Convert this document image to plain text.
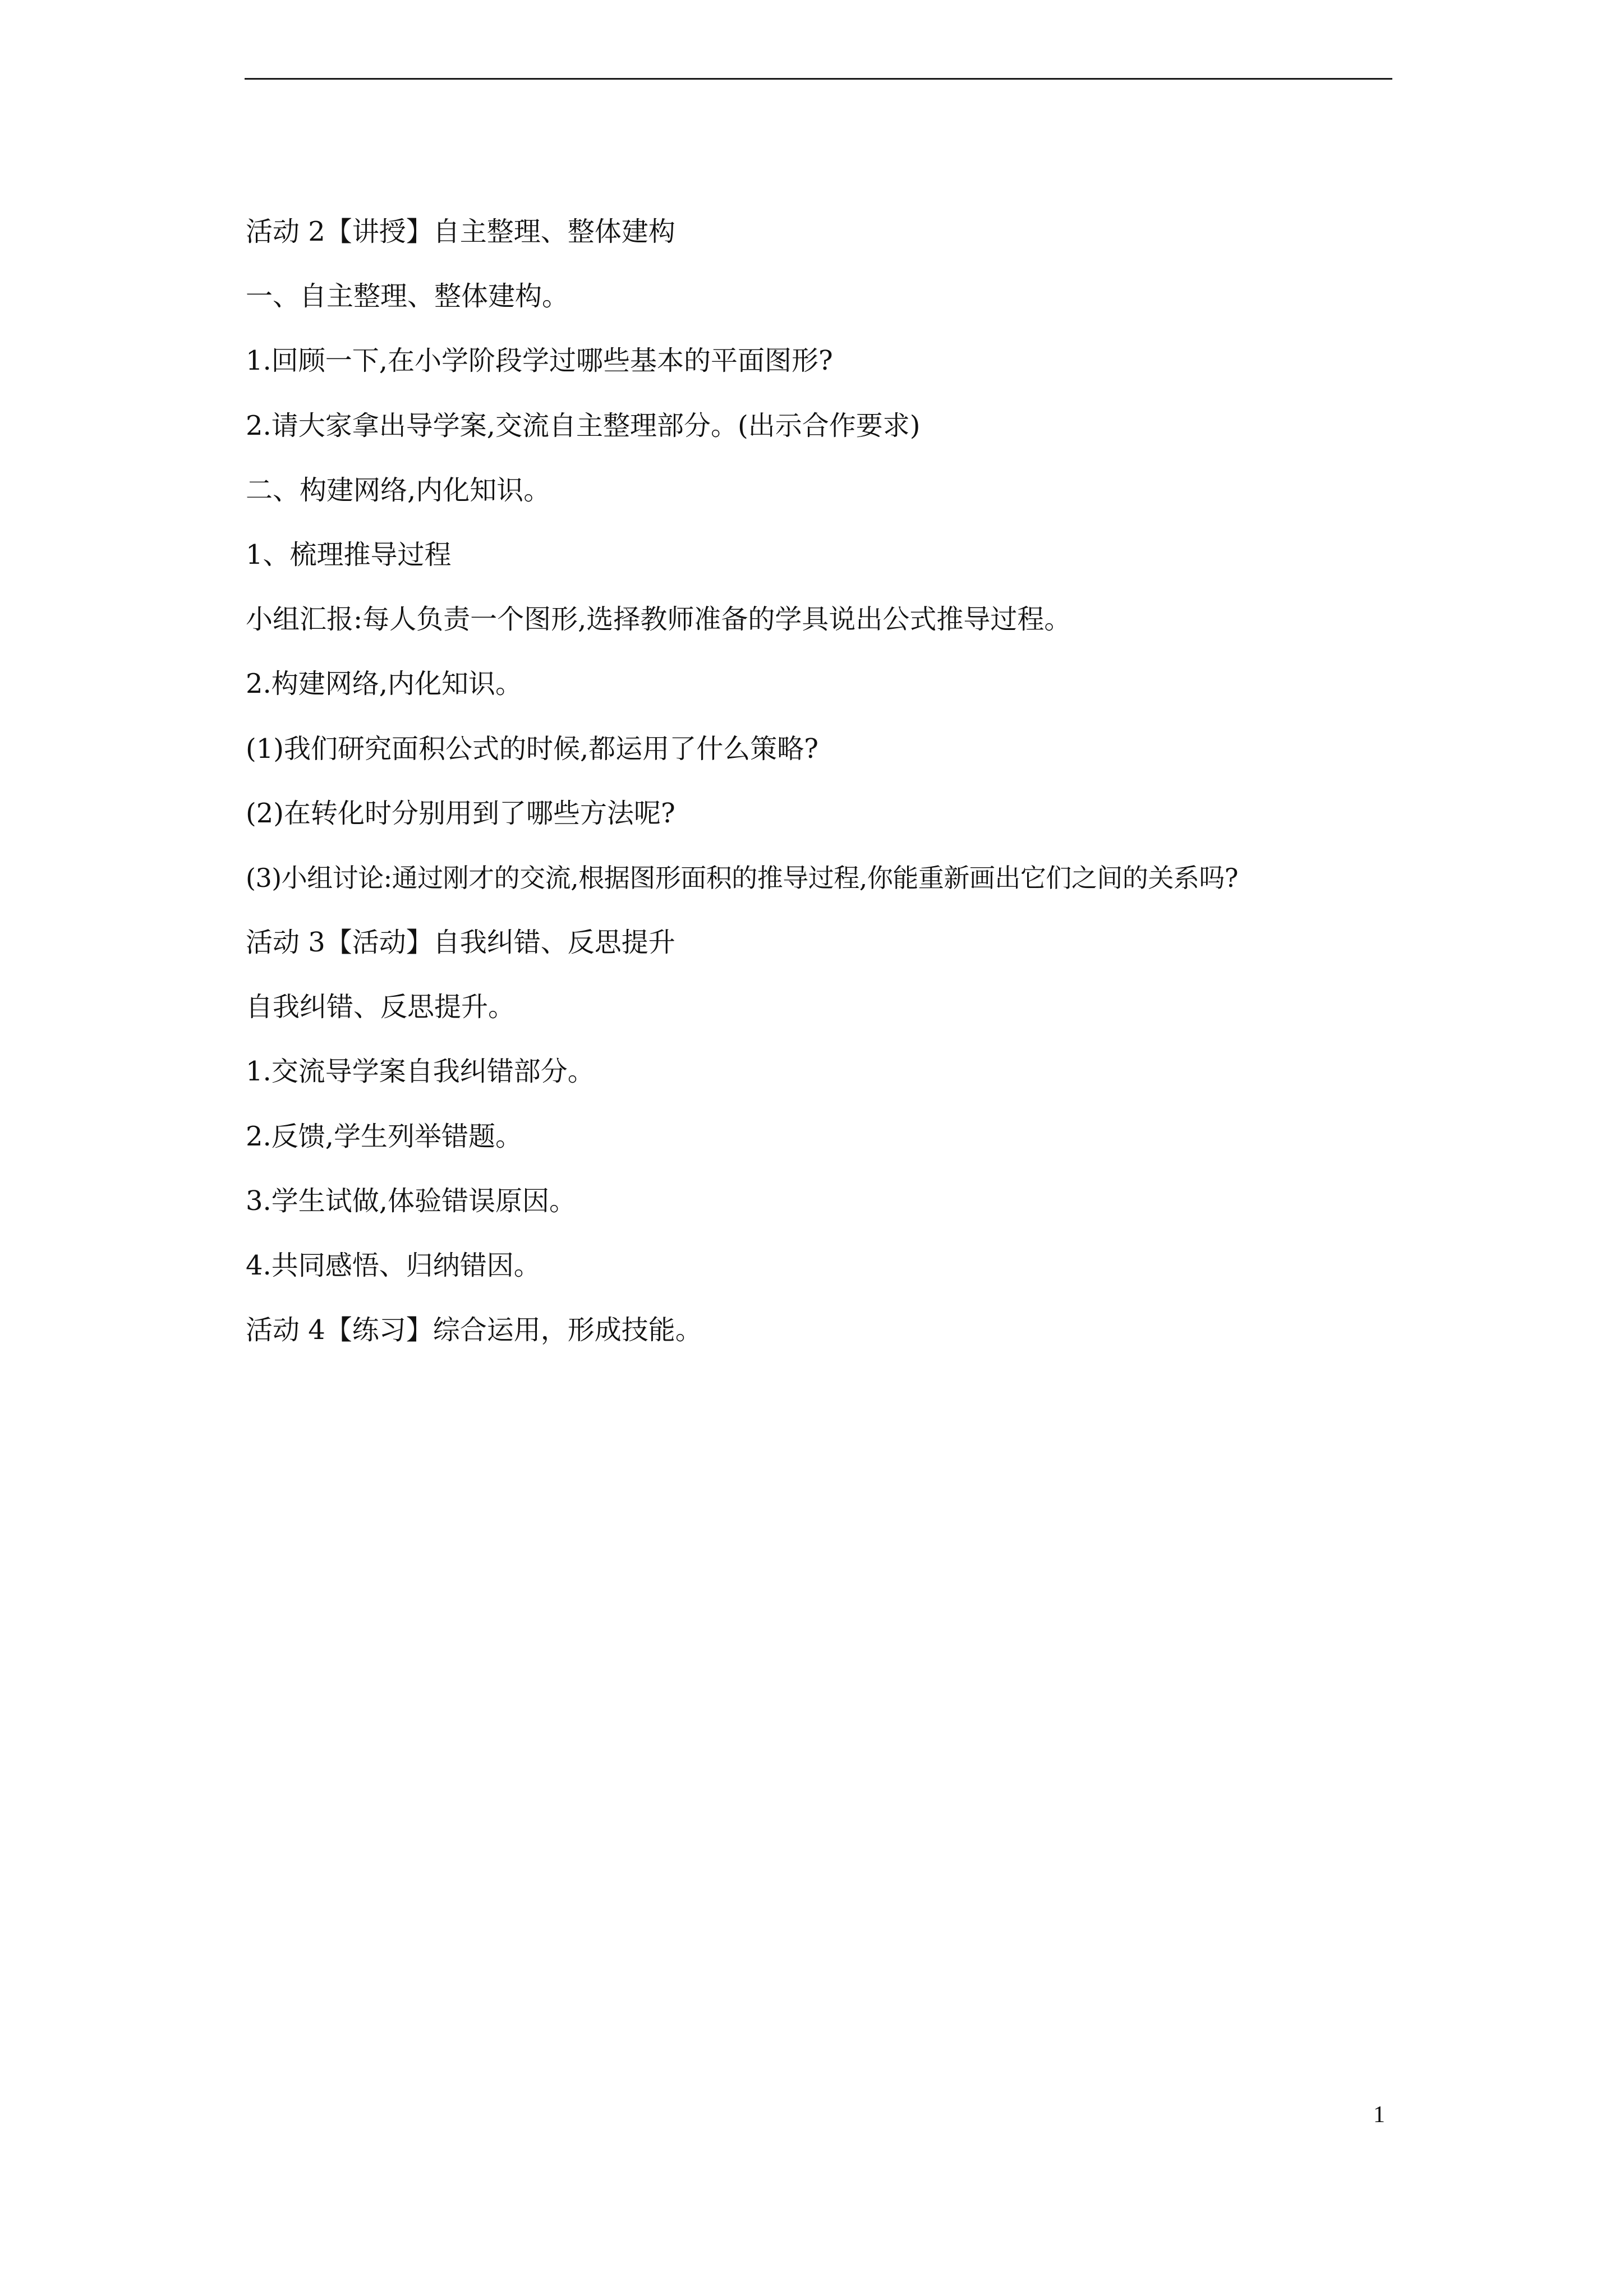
活动 2【讲授】自主整理、整体建构
一、自主整理、整体建构。
1.回顾一下,在小学阶段学过哪些基本的平面图形?
2.请大家拿出导学案,交流自主整理部分。(出示合作要求)
二、构建网络,内化知识。
1、梳理推导过程
小组汇报:每人负责一个图形,选择教师准备的学具说出公式推导过程。
2.构建网络,内化知识。
(1)我们研究面积公式的时候,都运用了什么策略?
(2)在转化时分别用到了哪些方法呢?
(3)小组讨论:通过刚才的交流,根据图形面积的推导过程,你能重新画出它们之间的关系吗?
活动 3【活动】自我纠错、反思提升
自我纠错、反思提升。
1.交流导学案自我纠错部分。
2.反馈,学生列举错题。
3.学生试做,体验错误原因。
4.共同感悟、归纳错因。
活动 4【练习】综合运用，形成技能。
1
